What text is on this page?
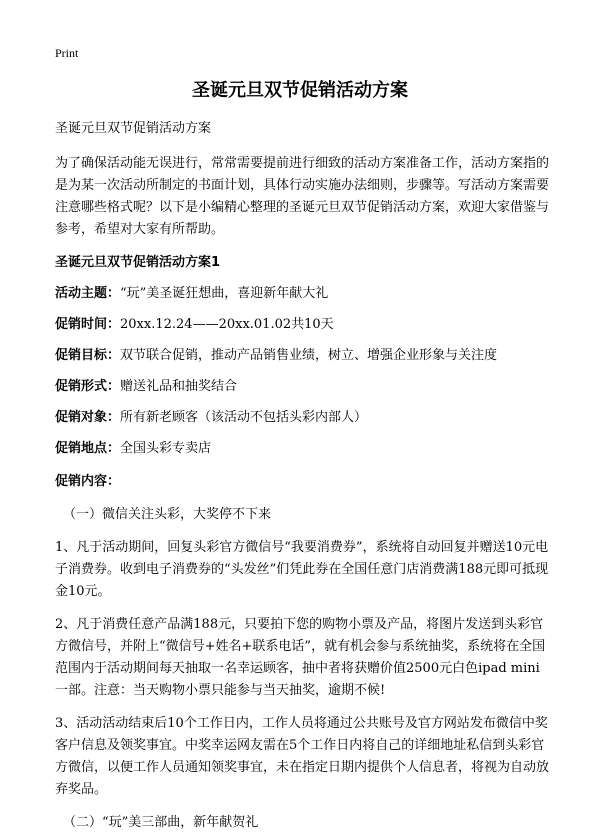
Print
圣诞元旦双节促销活动方案

圣诞元旦双节促销活动方案

为了确保活动能无误进行，常常需要提前进行细致的活动方案准备工作，活动方案指的是为某一次活动所制定的书面计划，具体行动实施办法细则，步骤等。写活动方案需要注意哪些格式呢？以下是小编精心整理的圣诞元旦双节促销活动方案，欢迎大家借鉴与参考，希望对大家有所帮助。

圣诞元旦双节促销活动方案1

活动主题：“玩”美圣诞狂想曲，喜迎新年献大礼

促销时间：20xx.12.24——20xx.01.02共10天

促销目标：双节联合促销，推动产品销售业绩，树立、增强企业形象与关注度

促销形式：赠送礼品和抽奖结合

促销对象：所有新老顾客（该活动不包括头彩内部人）

促销地点：全国头彩专卖店

促销内容：

（一）微信关注头彩，大奖停不下来

1、凡于活动期间，回复头彩官方微信号“我要消费券”，系统将自动回复并赠送10元电子消费券。收到电子消费券的“头发丝”们凭此券在全国任意门店消费满188元即可抵现金10元。

2、凡于消费任意产品满188元，只要拍下您的购物小票及产品，将图片发送到头彩官方微信号，并附上“微信号+姓名+联系电话”，就有机会参与系统抽奖，系统将在全国范围内于活动期间每天抽取一名幸运顾客，抽中者将获赠价值2500元白色ipad mini 一部。注意：当天购物小票只能参与当天抽奖，逾期不候!

3、活动活动结束后10个工作日内，工作人员将通过公共账号及官方网站发布微信中奖客户信息及领奖事宜。中奖幸运网友需在5个工作日内将自己的详细地址私信到头彩官方微信，以便工作人员通知领奖事宜，未在指定日期内提供个人信息者，将视为自动放弃奖品。

（二）“玩”美三部曲，新年献贺礼
